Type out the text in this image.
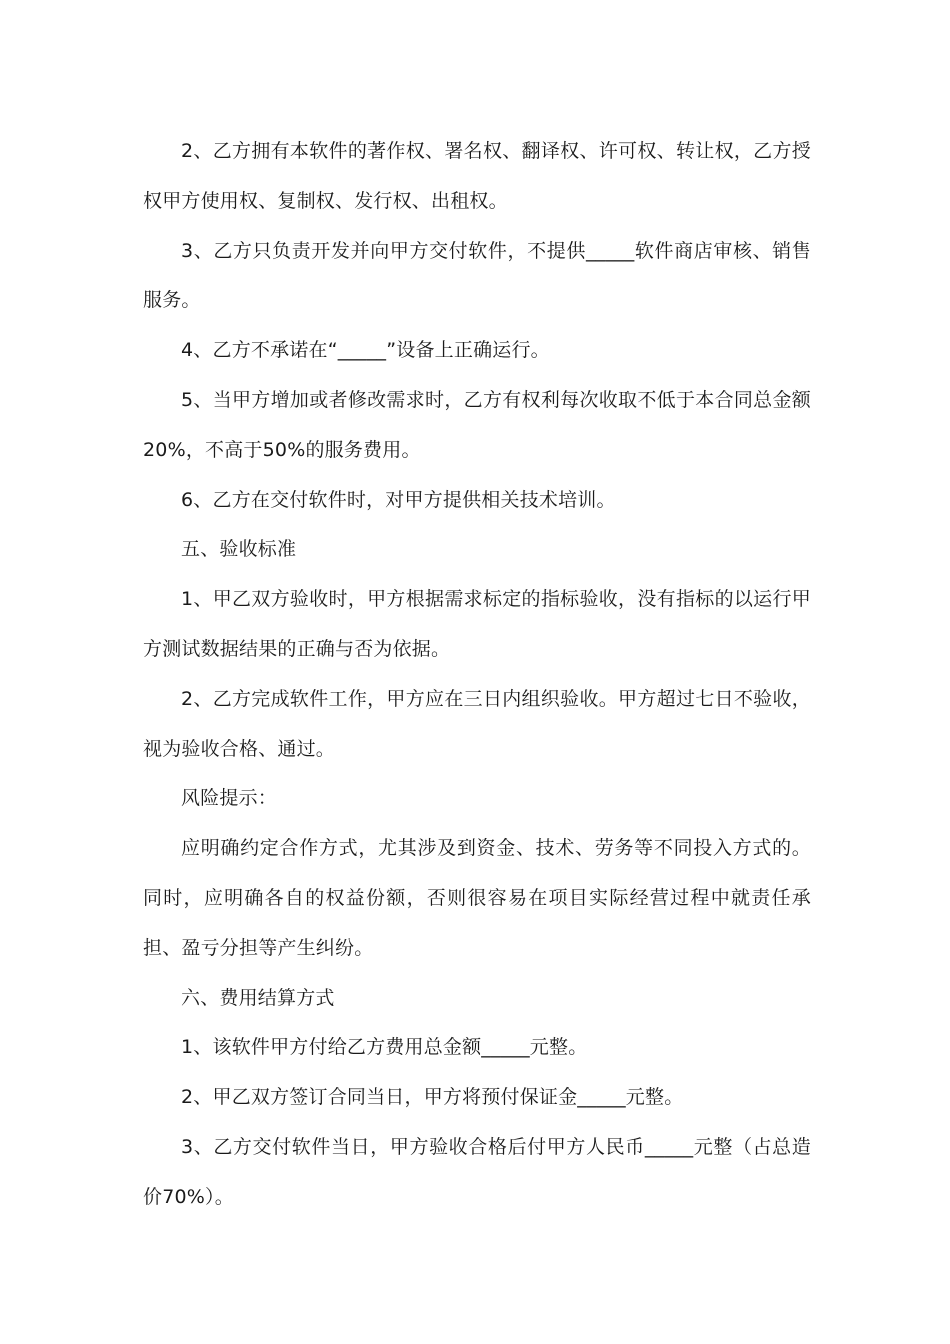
2、乙方拥有本软件的著作权、署名权、翻译权、许可权、转让权，乙方授权甲方使用权、复制权、发行权、出租权。

3、乙方只负责开发并向甲方交付软件，不提供_____软件商店审核、销售服务。

4、乙方不承诺在“_____”设备上正确运行。

5、当甲方增加或者修改需求时，乙方有权利每次收取不低于本合同总金额20%，不高于50%的服务费用。

6、乙方在交付软件时，对甲方提供相关技术培训。

五、验收标准

1、甲乙双方验收时，甲方根据需求标定的指标验收，没有指标的以运行甲方测试数据结果的正确与否为依据。

2、乙方完成软件工作，甲方应在三日内组织验收。甲方超过七日不验收，视为验收合格、通过。

风险提示：

应明确约定合作方式，尤其涉及到资金、技术、劳务等不同投入方式的。同时，应明确各自的权益份额，否则很容易在项目实际经营过程中就责任承担、盈亏分担等产生纠纷。

六、费用结算方式

1、该软件甲方付给乙方费用总金额_____元整。

2、甲乙双方签订合同当日，甲方将预付保证金_____元整。

3、乙方交付软件当日，甲方验收合格后付甲方人民币_____元整（占总造价70%）。
